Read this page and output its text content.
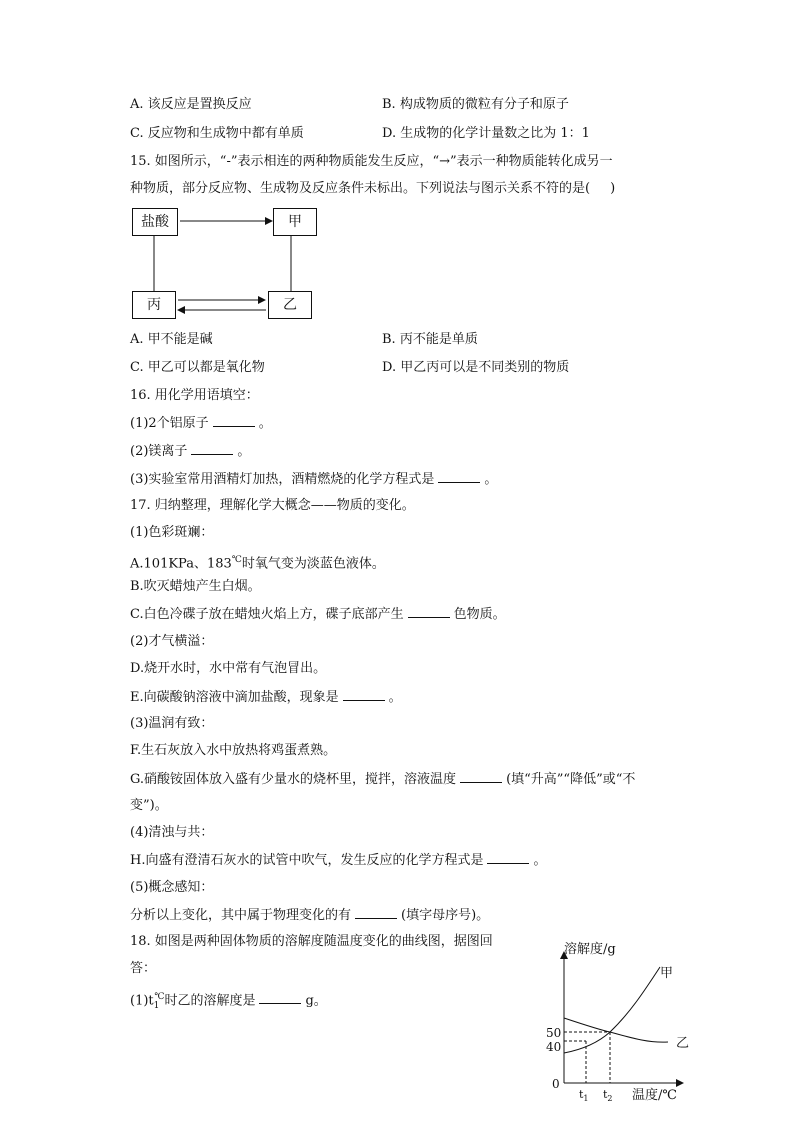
A. 该反应是置换反应	B. 构成物质的微粒有分子和原子
C. 反应物和生成物中都有单质	D. 生成物的化学计量数之比为 1：1
15. 如图所示，“-”表示相连的两种物质能发生反应，“→”表示一种物质能转化成另一
种物质，部分反应物、生成物及反应条件未标出。下列说法与图示关系不符的是( )
盐酸	甲
丙	乙
A. 甲不能是碱	B. 丙不能是单质
C. 甲乙可以都是氧化物	D. 甲乙丙可以是不同类别的物质
16. 用化学用语填空：
(1)2个铝原子	。
(2)镁离子	。
(3)实验室常用酒精灯加热，酒精燃烧的化学方程式是	。
17. 归纳整理，理解化学大概念——物质的变化。
(1)色彩斑斓：
A.101KPa、183℃时氧气变为淡蓝色液体。
B.吹灭蜡烛产生白烟。
C.白色冷碟子放在蜡烛火焰上方，碟子底部产生	色物质。
(2)才气横溢：
D.烧开水时，水中常有气泡冒出。
E.向碳酸钠溶液中滴加盐酸，现象是	。
(3)温润有致：
F.生石灰放入水中放热将鸡蛋煮熟。
G.硝酸铵固体放入盛有少量水的烧杯里，搅拌，溶液温度	(填“升高”“降低”或“不
变”)。
(4)清浊与共：
H.向盛有澄清石灰水的试管中吹气，发生反应的化学方程式是	。
(5)概念感知：
分析以上变化，其中属于物理变化的有	(填字母序号)。
18. 如图是两种固体物质的溶解度随温度变化的曲线图，据图回
答：
$(1)t_1^℃$时乙的溶解度是	g。
溶解度/g
温度/℃
0
40
50
$t_1$ $t_2$
甲
乙
